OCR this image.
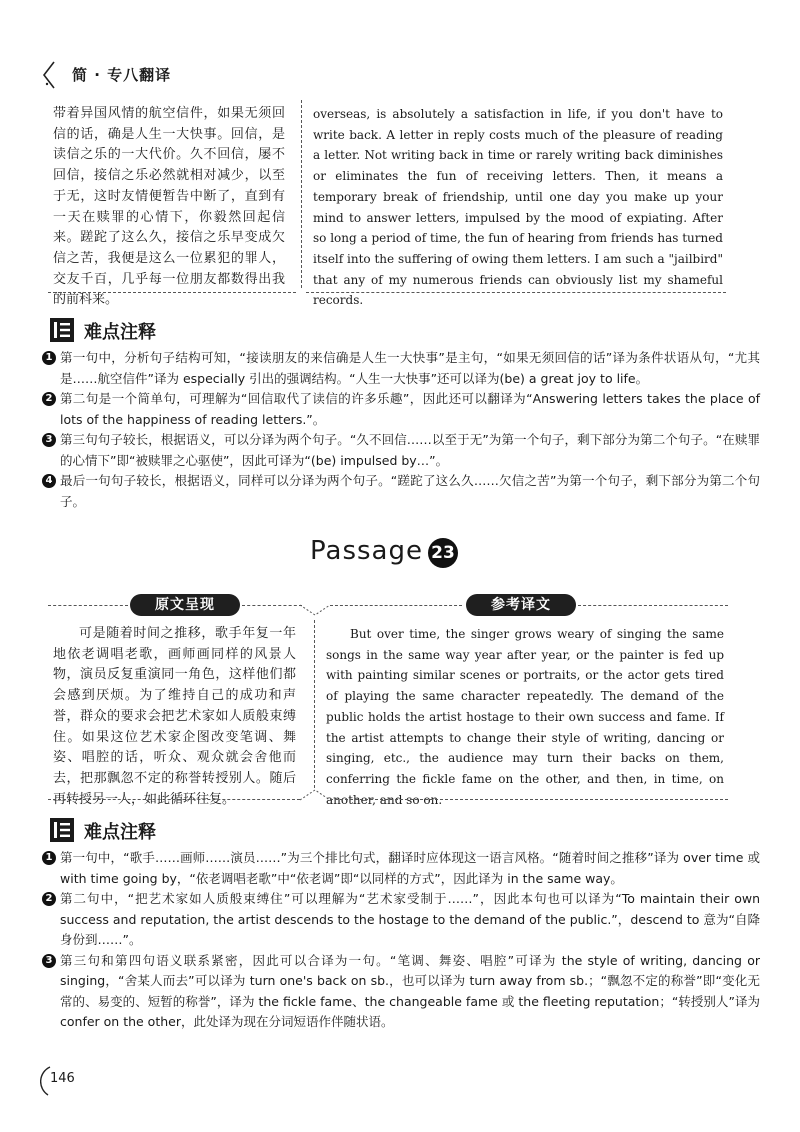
简 · 专八翻译
带着异国风情的航空信件，如果无须回信的话，确是人生一大快事。回信，是读信之乐的一大代价。久不回信，屡不回信，接信之乐必然就相对减少，以至于无，这时友情便暂告中断了，直到有一天在赎罪的心情下，你毅然回起信来。蹉跎了这么久，接信之乐早变成欠信之苦，我便是这么一位累犯的罪人，交友千百，几乎每一位朋友都数得出我的前科来。
overseas, is absolutely a satisfaction in life, if you don't have to write back. A letter in reply costs much of the pleasure of reading a letter. Not writing back in time or rarely writing back diminishes or eliminates the fun of receiving letters. Then, it means a temporary break of friendship, until one day you make up your mind to answer letters, impulsed by the mood of expiating. After so long a period of time, the fun of hearing from friends has turned itself into the suffering of owing them letters. I am such a "jailbird" that any of my numerous friends can obviously list my shameful records.
难点注释

1 第一句中，分析句子结构可知，“接读朋友的来信确是人生一大快事”是主句，“如果无须回信的话”译为条件状语从句，“尤其是……航空信件”译为 especially 引出的强调结构。“人生一大快事”还可以译为(be) a great joy to life。

2 第二句是一个简单句，可理解为“回信取代了读信的许多乐趣”，因此还可以翻译为“Answering letters takes the place of lots of the happiness of reading letters.”。

3 第三句句子较长，根据语义，可以分译为两个句子。“久不回信……以至于无”为第一个句子，剩下部分为第二个句子。“在赎罪的心情下”即“被赎罪之心驱使”，因此可译为“(be) impulsed by…”。

4 最后一句句子较长，根据语义，同样可以分译为两个句子。“蹉跎了这么久……欠信之苦”为第一个句子，剩下部分为第二个句子。

Passage 23
原文呈现	参考译文
可是随着时间之推移，歌手年复一年地依老调唱老歌，画师画同样的风景人物，演员反复重演同一角色，这样他们都会感到厌烦。为了维持自己的成功和声誉，群众的要求会把艺术家如人质般束缚住。如果这位艺术家企图改变笔调、舞姿、唱腔的话，听众、观众就会舍他而去，把那飘忽不定的称誉转授别人。随后再转授另一人，如此循环往复。
But over time, the singer grows weary of singing the same songs in the same way year after year, or the painter is fed up with painting similar scenes or portraits, or the actor gets tired of playing the same character repeatedly. The demand of the public holds the artist hostage to their own success and fame. If the artist attempts to change their style of writing, dancing or singing, etc., the audience may turn their backs on them, conferring the fickle fame on the other, and then, in time, on another, and so on.
难点注释

1 第一句中，“歌手……画师……演员……”为三个排比句式，翻译时应体现这一语言风格。“随着时间之推移”译为 over time 或 with time going by，“依老调唱老歌”中“依老调”即“以同样的方式”，因此译为 in the same way。

2 第二句中，“把艺术家如人质般束缚住”可以理解为“艺术家受制于……”，因此本句也可以译为“To maintain their own success and reputation, the artist descends to the hostage to the demand of the public.”，descend to 意为“自降身份到……”。

3 第三句和第四句语义联系紧密，因此可以合译为一句。“笔调、舞姿、唱腔”可译为 the style of writing, dancing or singing，“舍某人而去”可以译为 turn one's back on sb.，也可以译为 turn away from sb.；“飘忽不定的称誉”即“变化无常的、易变的、短暂的称誉”，译为 the fickle fame、the changeable fame 或 the fleeting reputation；“转授别人”译为 confer on the other，此处译为现在分词短语作伴随状语。

146
